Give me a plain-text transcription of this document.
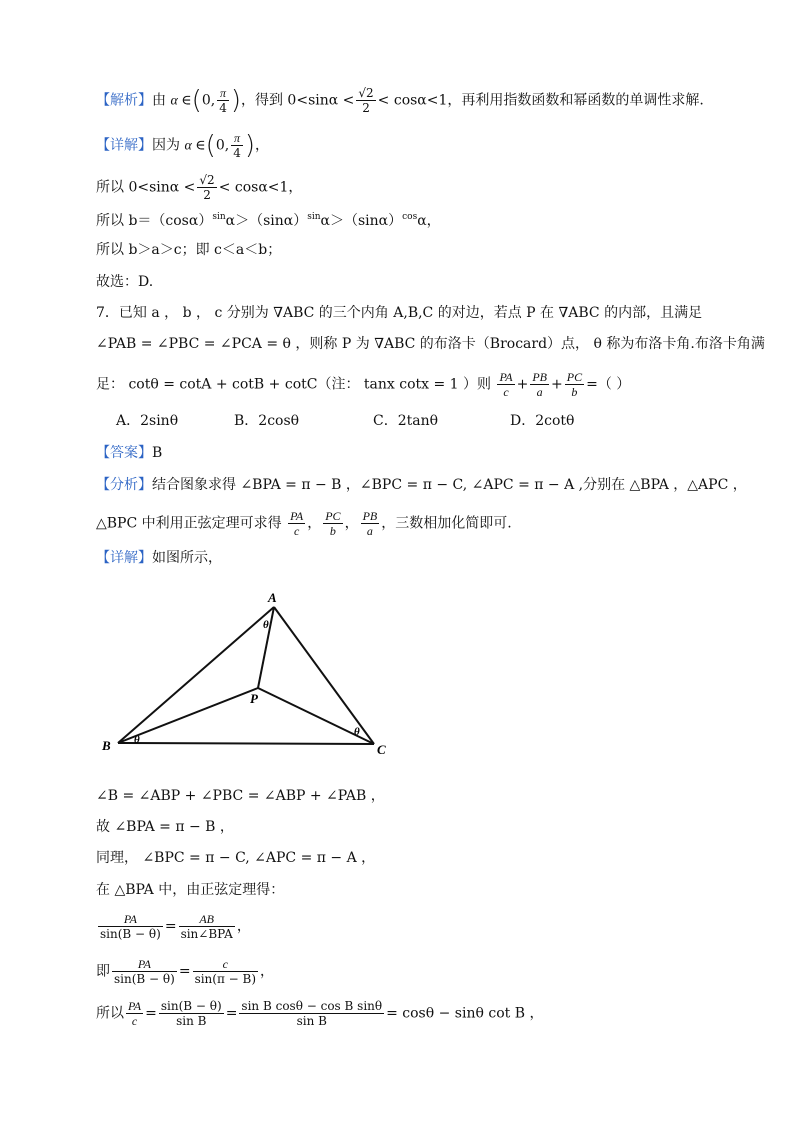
【解析】由 α ∈(0, $\frac{\pi}{4}$ )，得到 $0<\sin\alpha < \frac{√2}{2} < \cos\alpha<1$，再利用指数函数和幂函数的单调性求解.
【详解】因为 α ∈(0, $\frac{\pi}{4}$ )，
所以 $0<\sin\alpha < \frac{√2}{2} < \cos\alpha<1$，
所以 $b=(\cos\alpha)^{sin}\alpha>(\sin\alpha)^{sin}\alpha>(\sin\alpha)^{cos}\alpha$，
所以 b＞a＞c；即 c＜a＜b；
故选：D.
7．已知 a ， b ， c 分别为 ∇ABC 的三个内角 A,B,C 的对边，若点 P 在 ∇ABC 的内部，且满足
∠PAB = ∠PBC = ∠PCA = θ ，则称 P 为 ∇ABC 的布洛卡（Brocard）点， θ 称为布洛卡角.布洛卡角满
足： cotθ = cotA + cotB + cotC（注： tanx cotx = 1 ）则 $\frac{PA}{c} + \frac{PB}{a} + \frac{PC}{b}$ =（ ）
A．2sinθ	B．2cosθ	C．2tanθ	D．2cotθ
【答案】B
【分析】结合图象求得 ∠BPA = π − B ，∠BPC = π − C, ∠APC = π − A ,分别在 △BPA ，△APC ，
△BPC 中利用正弦定理可求得 $\frac{PA}{c}$ ， $\frac{PC}{b}$ ， $\frac{PB}{a}$ ，三数相加化简即可.
【详解】如图所示，
A
B	C
P
θ
θ
θ
∠B = ∠ABP + ∠PBC = ∠ABP + ∠PAB ，
故 ∠BPA = π − B ，
同理， ∠BPC = π − C, ∠APC = π − A ，
在 △BPA 中，由正弦定理得：
$\frac{PA}{\sin(B - \theta)} = \frac{AB}{\text{sin∠BPA}}$ ，
即 $\frac{PA}{\sin(B - \theta)} = \frac{c}{\sin(\pi - B)}$ ，
所以 $\frac{PA}{c} = \frac{\sin(B - \theta)}{\text{sin B}} = \frac{\text{sin B cosθ − cos B sinθ}}{\text{sin B}} = \cos\theta - \sin\theta$ cot B ，
